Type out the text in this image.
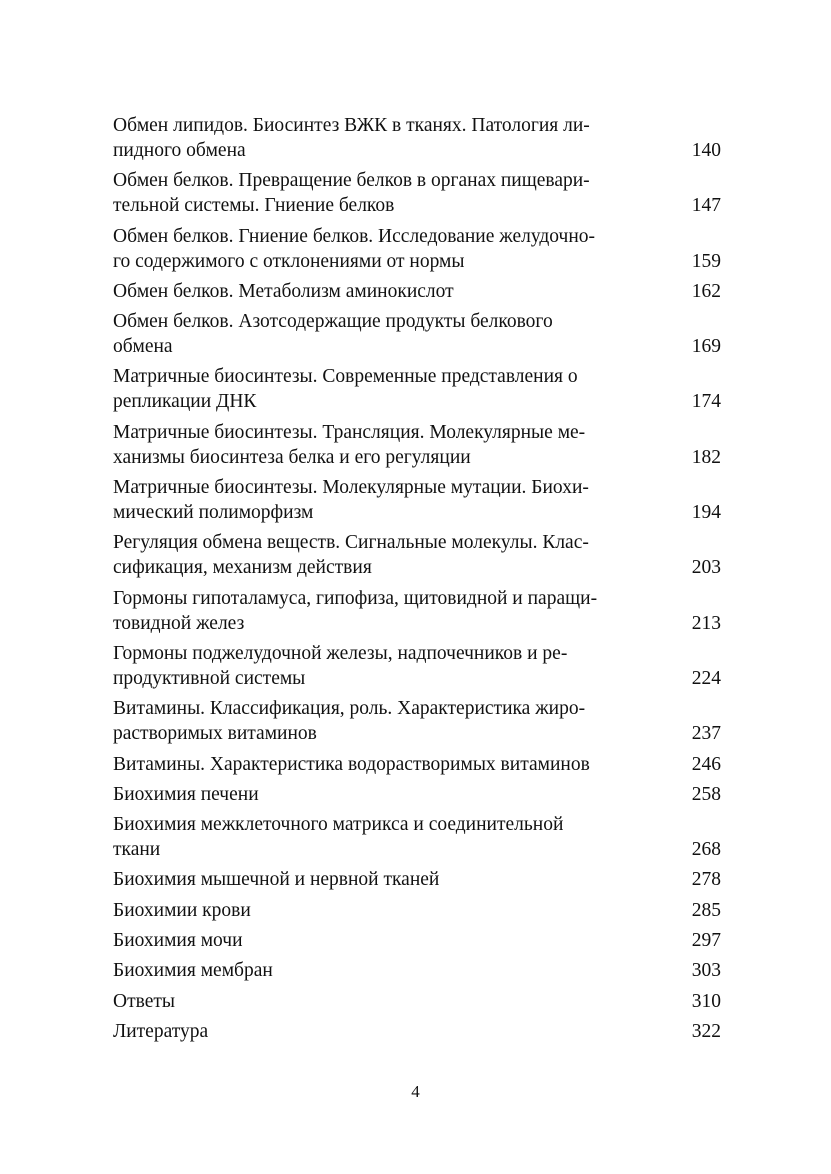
Обмен липидов. Биосинтез ВЖК в тканях. Патология ли-
пидного обмена	140
Обмен белков. Превращение белков в органах пищевари-
тельной системы. Гниение белков	147
Обмен белков. Гниение белков. Исследование желудочно-
го содержимого с отклонениями от нормы	159
Обмен белков. Метаболизм аминокислот	162
Обмен белков. Азотсодержащие продукты белкового
обмена	169
Матричные биосинтезы. Современные представления о
репликации ДНК	174
Матричные биосинтезы. Трансляция. Молекулярные ме-
ханизмы биосинтеза белка и его регуляции	182
Матричные биосинтезы. Молекулярные мутации. Биохи-
мический полиморфизм	194
Регуляция обмена веществ. Сигнальные молекулы. Клас-
сификация, механизм действия	203
Гормоны гипоталамуса, гипофиза, щитовидной и паращи-
товидной желез	213
Гормоны поджелудочной железы, надпочечников и ре-
продуктивной системы	224
Витамины. Классификация, роль. Характеристика жиро-
растворимых витаминов	237
Витамины. Характеристика водорастворимых витаминов	246
Биохимия печени	258
Биохимия межклеточного матрикса и соединительной
ткани	268
Биохимия мышечной и нервной тканей	278
Биохимии крови	285
Биохимия мочи	297
Биохимия мембран	303
Ответы	310
Литература	322
4
